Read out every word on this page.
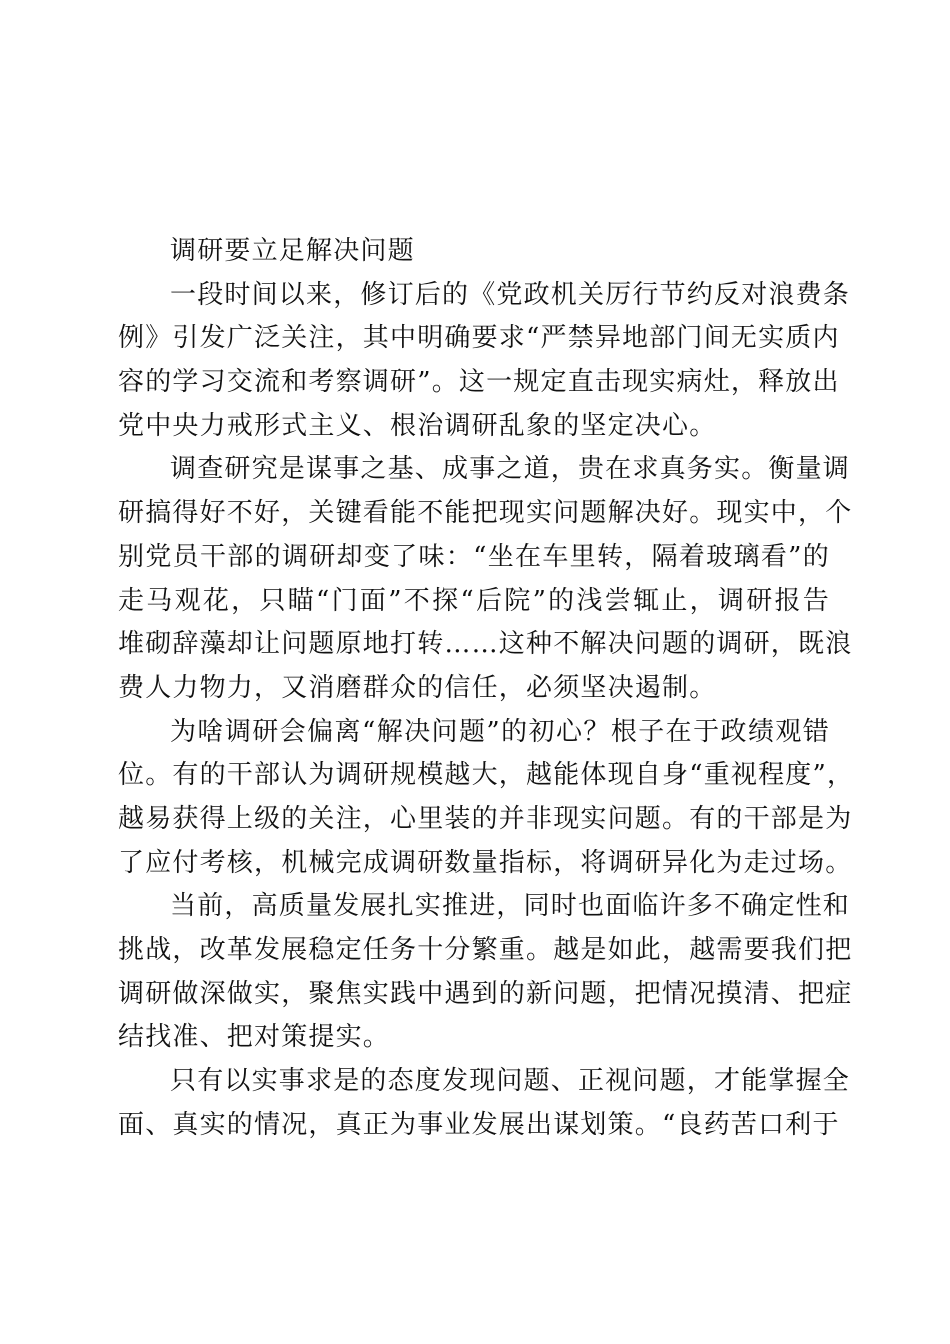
调研要立足解决问题
一段时间以来，修订后的《党政机关厉行节约反对浪费条
例》引发广泛关注，其中明确要求“严禁异地部门间无实质内
容的学习交流和考察调研”。这一规定直击现实病灶，释放出
党中央力戒形式主义、根治调研乱象的坚定决心。
调查研究是谋事之基、成事之道，贵在求真务实。衡量调
研搞得好不好，关键看能不能把现实问题解决好。现实中，个
别党员干部的调研却变了味：“坐在车里转，隔着玻璃看”的
走马观花，只瞄“门面”不探“后院”的浅尝辄止，调研报告
堆砌辞藻却让问题原地打转……这种不解决问题的调研，既浪
费人力物力，又消磨群众的信任，必须坚决遏制。
为啥调研会偏离“解决问题”的初心？根子在于政绩观错
位。有的干部认为调研规模越大，越能体现自身“重视程度”，
越易获得上级的关注，心里装的并非现实问题。有的干部是为
了应付考核，机械完成调研数量指标，将调研异化为走过场。
当前，高质量发展扎实推进，同时也面临许多不确定性和
挑战，改革发展稳定任务十分繁重。越是如此，越需要我们把
调研做深做实，聚焦实践中遇到的新问题，把情况摸清、把症
结找准、把对策提实。
只有以实事求是的态度发现问题、正视问题，才能掌握全
面、真实的情况，真正为事业发展出谋划策。“良药苦口利于
